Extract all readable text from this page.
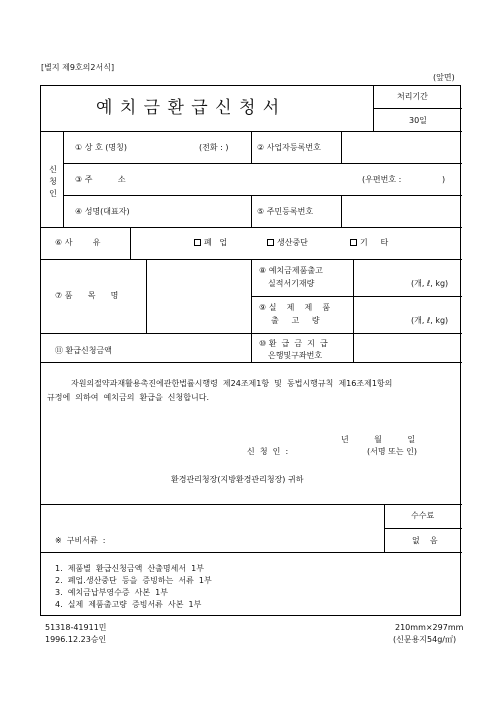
[별지 제9호의2서식]
(앞면)
예 치 금 환 급 신 청 서
처리기간
30일
신청인
① 상 호 (명칭)	(전화 : )	② 사업자등록번호
③ 주          소	(우편번호 :                )
④ 성명(대표자)	⑤ 주민등록번호
⑥ 사        유	폐   업	생산중단	기     타
⑦ 품      목      명
⑧ 예치금제품출고
실적서기재량	(개, ℓ, kg)
⑨ 실    제    제    품
출     고     량	(개, ℓ, kg)
⑪ 환급신청금액
⑩ 환  급  금  지  급
은행및구좌번호
자원의절약과재활용촉진에관한법률시행령  제24조제1항  및  동법시행규칙  제16조제1항의
규정에  의하여  예치금의  환급을  신청합니다.
년          월          일
신  청  인  :	(서명 또는 인)
환경관리청장(지방환경관리청장) 귀하
수수료
없    음
※  구비서류  :
1.  제품별  환급신청금액  산출명세서  1부
2.  폐업․생산중단  등을  증빙하는  서류  1부
3.  예치금납부영수증  사본  1부
4.  실제  제품출고량  증빙서류  사본  1부
51318-41911민
1996.12.23승인
210mm×297mm
(신문용지54g/㎡)
